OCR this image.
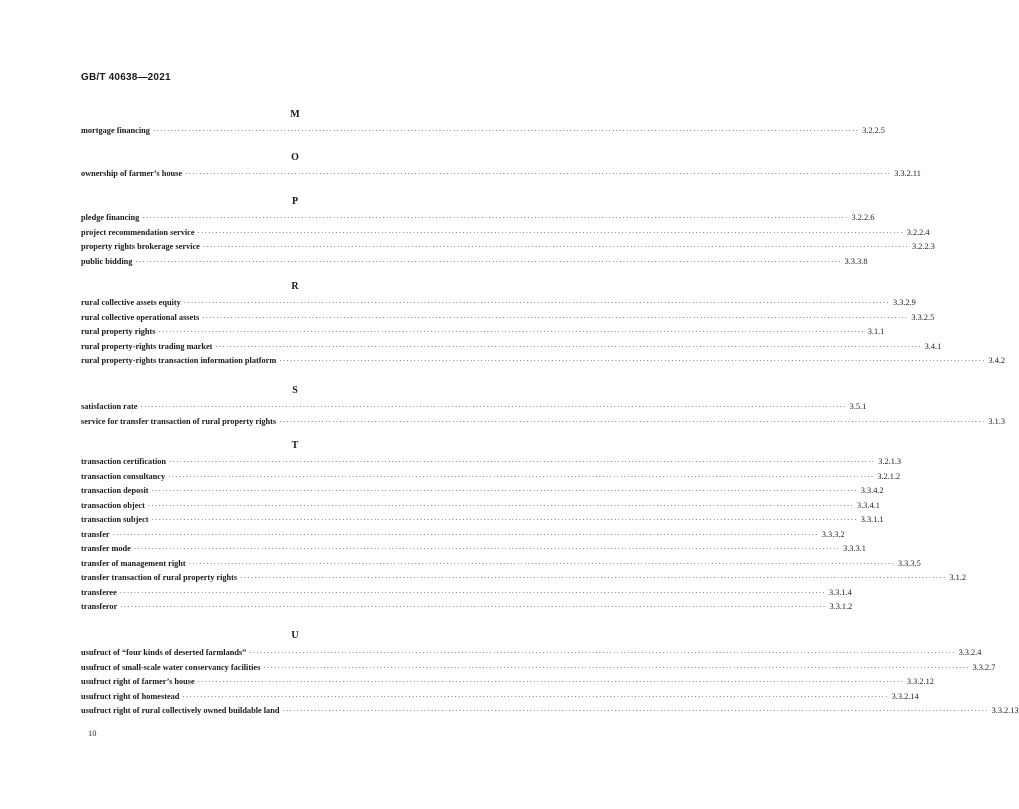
GB/T 40638—2021
M
mortgage financing ········································································································································································································ 3.2.2.5
O
ownership of farmer’s house ········································································································································································································ 3.3.2.11
P
pledge financing ········································································································································································································ 3.2.2.6
project recommendation service ········································································································································································································ 3.2.2.4
property rights brokerage service ········································································································································································································ 3.2.2.3
public bidding ········································································································································································································ 3.3.3.8
R
rural collective assets equity ········································································································································································································ 3.3.2.9
rural collective operational assets ········································································································································································································ 3.3.2.5
rural property rights ········································································································································································································ 3.1.1
rural property-rights trading market ········································································································································································································ 3.4.1
rural property-rights transaction information platform ········································································································································································································ 3.4.2
S
satisfaction rate ········································································································································································································ 3.5.1
service for transfer transaction of rural property rights ········································································································································································································ 3.1.3
T
transaction certification ········································································································································································································ 3.2.1.3
transaction consultancy ········································································································································································································ 3.2.1.2
transaction deposit ········································································································································································································ 3.3.4.2
transaction object ········································································································································································································ 3.3.4.1
transaction subject ········································································································································································································ 3.3.1.1
transfer ········································································································································································································ 3.3.3.2
transfer mode ········································································································································································································ 3.3.3.1
transfer of management right ········································································································································································································ 3.3.3.5
transfer transaction of rural property rights ········································································································································································································ 3.1.2
transferee ········································································································································································································ 3.3.1.4
transferor ········································································································································································································ 3.3.1.2
U
usufruct of “four kinds of deserted farmlands” ········································································································································································································ 3.3.2.4
usufruct of small-scale water conservancy facilities ········································································································································································································ 3.3.2.7
usufruct right of farmer’s house ········································································································································································································ 3.3.2.12
usufruct right of homestead ········································································································································································································ 3.3.2.14
usufruct right of rural collectively owned buildable land ········································································································································································································ 3.3.2.13
10
